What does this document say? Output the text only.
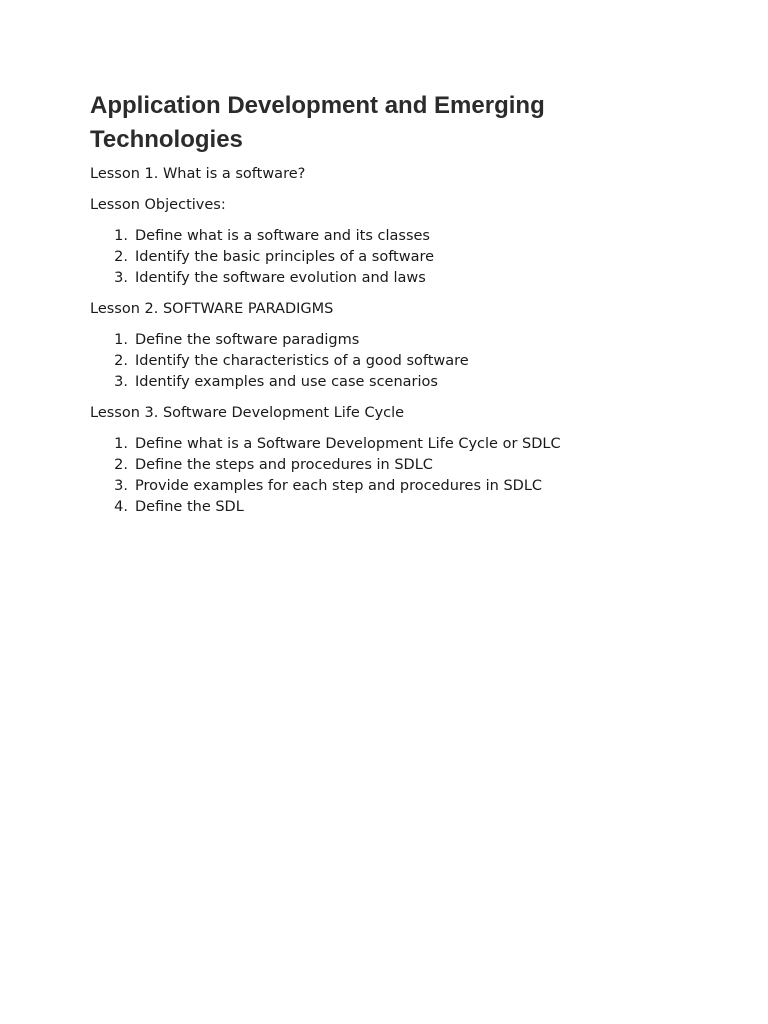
Application Development and Emerging Technologies

Lesson 1. What is a software?

Lesson Objectives:

1. Define what is a software and its classes
2. Identify the basic principles of a software
3. Identify the software evolution and laws

Lesson 2. SOFTWARE PARADIGMS

1. Define the software paradigms
2. Identify the characteristics of a good software
3. Identify examples and use case scenarios

Lesson 3. Software Development Life Cycle

1. Define what is a Software Development Life Cycle or SDLC
2. Define the steps and procedures in SDLC
3. Provide examples for each step and procedures in SDLC
4. Define the SDL
